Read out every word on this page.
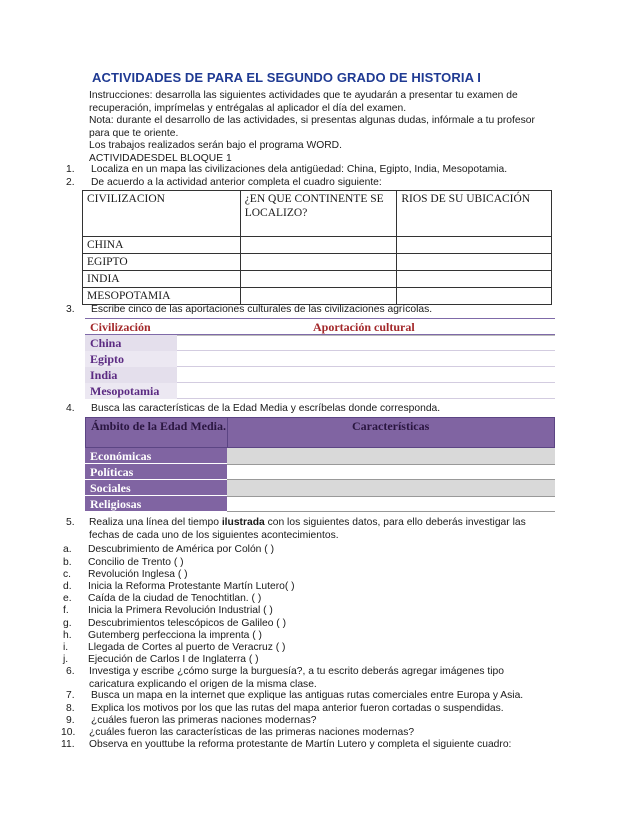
ACTIVIDADES DE PARA EL SEGUNDO GRADO DE HISTORIA I

Instrucciones: desarrolla las siguientes actividades que te ayudarán a presentar tu examen de recuperación, imprímelas y entrégalas al aplicador el día del examen.

Nota: durante el desarrollo de las actividades, si presentas algunas dudas, infórmale a tu profesor para que te oriente.

Los trabajos realizados serán bajo el programa WORD.

ACTIVIDADESDEL BLOQUE 1

1. Localiza en un mapa las civilizaciones dela antigüedad: China, Egipto, India, Mesopotamia.
2. De acuerdo a la actividad anterior completa el cuadro siguiente:
CIVILIZACION	¿EN QUE CONTINENTE SE LOCALIZO?	RIOS DE SU UBICACIÓN
CHINA		
EGIPTO		
INDIA		
MESOPOTAMIA		
3. Escribe cinco de las aportaciones culturales de las civilizaciones agrícolas.
Civilización	Aportación cultural
China
Egipto
India
Mesopotamia
4. Busca las características de la Edad Media y escríbelas donde corresponda.
Ámbito de la Edad Media.	Características
Económicas
Políticas
Sociales
Religiosas
5. Realiza una línea del tiempo ilustrada con los siguientes datos, para ello deberás investigar las fechas de cada uno de los siguientes acontecimientos.
a. Descubrimiento de América por Colón ( )
b. Concilio de Trento ( )
c. Revolución Inglesa ( )
d. Inicia la Reforma Protestante Martín Lutero( )
e. Caída de la ciudad de Tenochtitlan. ( )
f. Inicia la Primera Revolución Industrial ( )
g. Descubrimientos telescópicos de Galileo ( )
h. Gutemberg perfecciona la imprenta ( )
i. Llegada de Cortes al puerto de Veracruz ( )
j. Ejecución de Carlos I de Inglaterra ( )
6. Investiga y escribe ¿cómo surge la burguesía?, a tu escrito deberás agregar imágenes tipo caricatura explicando el origen de la misma clase.
7. Busca un mapa en la internet que explique las antiguas rutas comerciales entre Europa y Asia.
8. Explica los motivos por los que las rutas del mapa anterior fueron cortadas o suspendidas.
9. ¿cuáles fueron las primeras naciones modernas?
10. ¿cuáles fueron las características de las primeras naciones modernas?
11. Observa en youttube la reforma protestante de Martín Lutero y completa el siguiente cuadro:
